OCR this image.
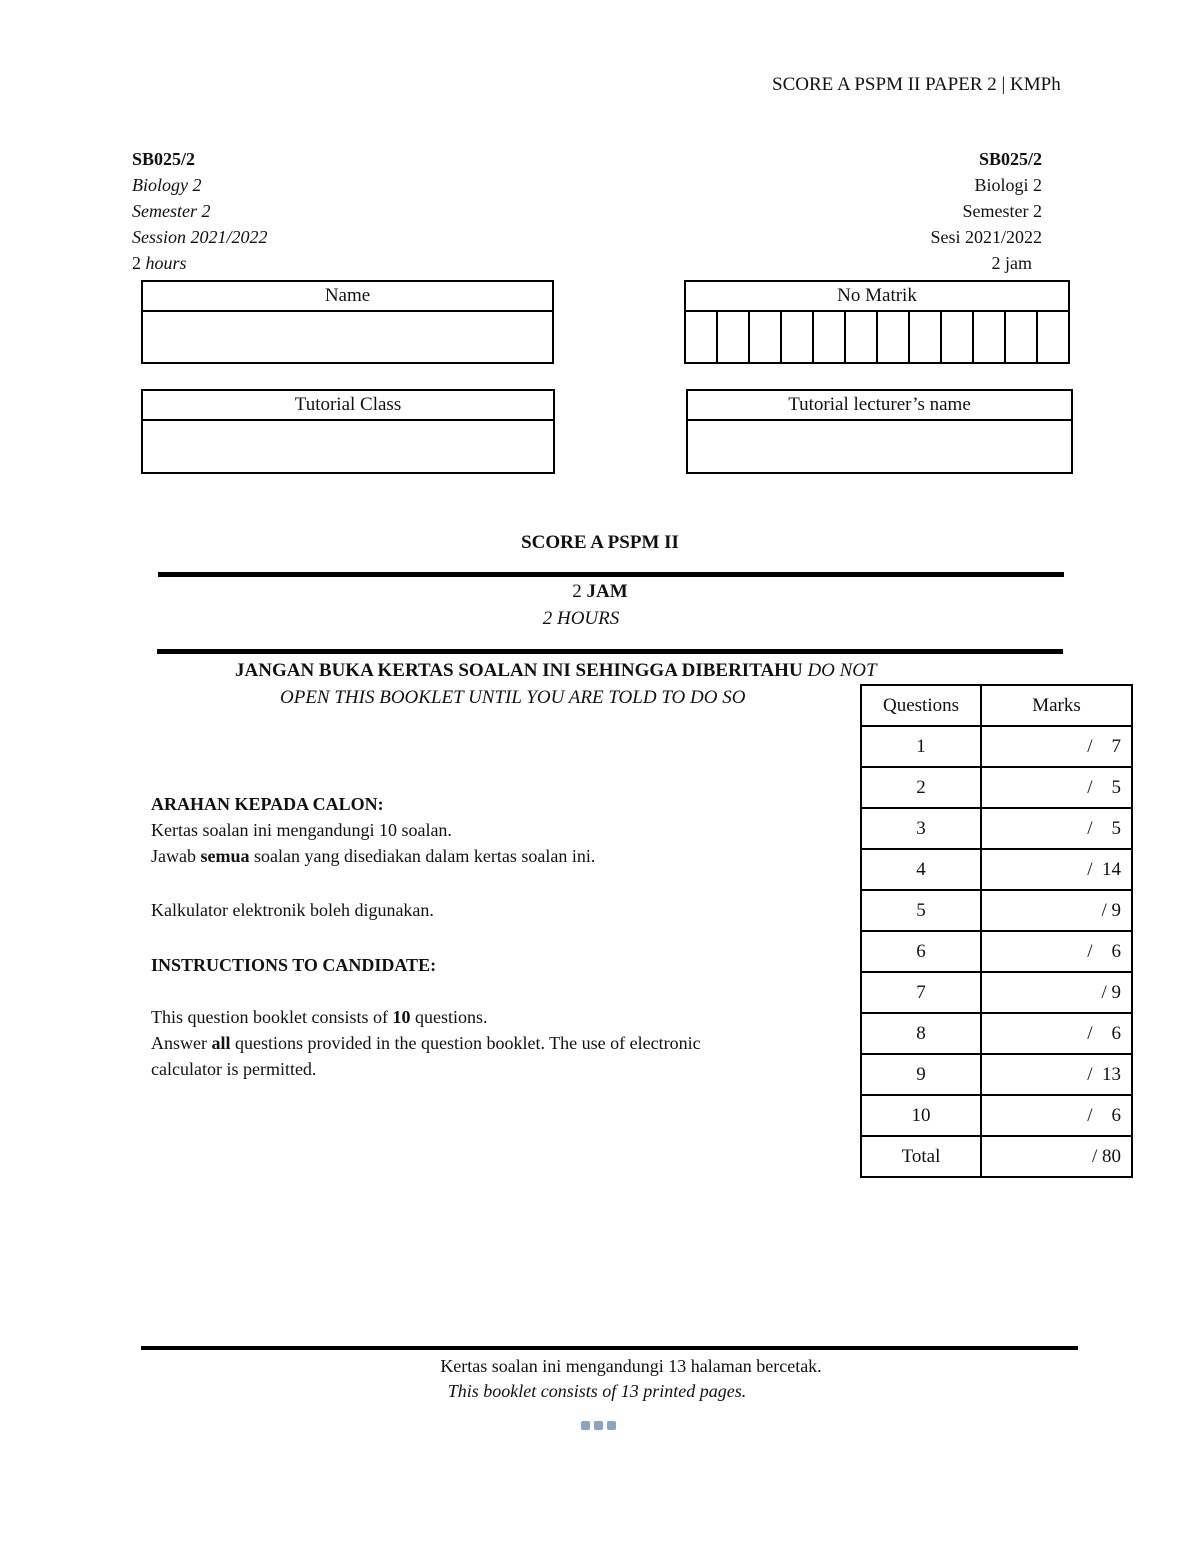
SCORE A PSPM II PAPER 2 | KMPh
SB025/2
Biology 2
Semester 2
Session 2021/2022
2 hours
SB025/2
Biologi 2
Semester 2
Sesi 2021/2022
2 jam
Name	No Matrik
Tutorial Class	Tutorial lecturer’s name
SCORE A PSPM II
2 JAM
2 HOURS
JANGAN BUKA KERTAS SOALAN INI SEHINGGA DIBERITAHU DO NOT
OPEN THIS BOOKLET UNTIL YOU ARE TOLD TO DO SO
ARAHAN KEPADA CALON:
Kertas soalan ini mengandungi 10 soalan.
Jawab semua soalan yang disediakan dalam kertas soalan ini.
Kalkulator elektronik boleh digunakan.
INSTRUCTIONS TO CANDIDATE:
This question booklet consists of 10 questions.
Answer all questions provided in the question booklet. The use of electronic
calculator is permitted.
Questions	Marks
1	/    7
2	/    5
3	/    5
4	/  14
5	/ 9
6	/    6
7	/ 9
8	/    6
9	/  13
10	/    6
Total	/ 80
Kertas soalan ini mengandungi 13 halaman bercetak.
This booklet consists of 13 printed pages.
